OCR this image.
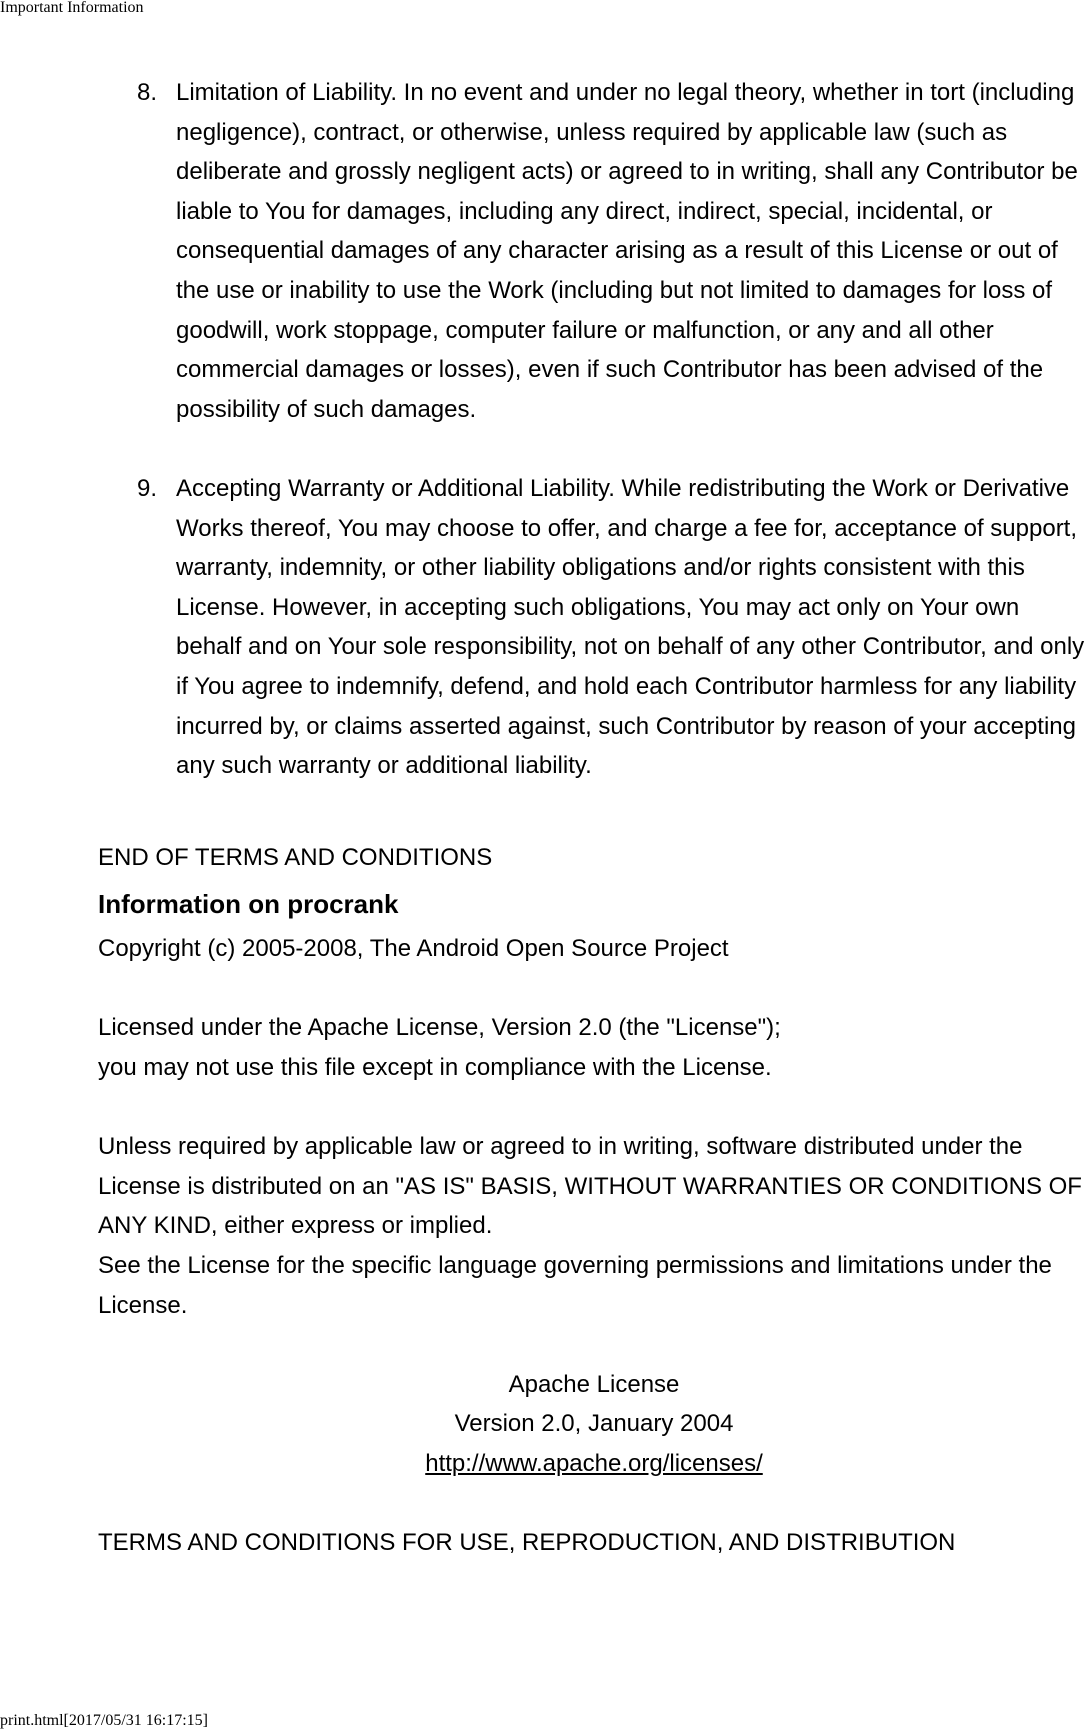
Important Information
8. Limitation of Liability. In no event and under no legal theory, whether in tort (including negligence), contract, or otherwise, unless required by applicable law (such as deliberate and grossly negligent acts) or agreed to in writing, shall any Contributor be liable to You for damages, including any direct, indirect, special, incidental, or consequential damages of any character arising as a result of this License or out of the use or inability to use the Work (including but not limited to damages for loss of goodwill, work stoppage, computer failure or malfunction, or any and all other commercial damages or losses), even if such Contributor has been advised of the possibility of such damages.
9. Accepting Warranty or Additional Liability. While redistributing the Work or Derivative Works thereof, You may choose to offer, and charge a fee for, acceptance of support, warranty, indemnity, or other liability obligations and/or rights consistent with this License. However, in accepting such obligations, You may act only on Your own behalf and on Your sole responsibility, not on behalf of any other Contributor, and only if You agree to indemnify, defend, and hold each Contributor harmless for any liability incurred by, or claims asserted against, such Contributor by reason of your accepting any such warranty or additional liability.

END OF TERMS AND CONDITIONS

Information on procrank

Copyright (c) 2005-2008, The Android Open Source Project

Licensed under the Apache License, Version 2.0 (the "License");

you may not use this file except in compliance with the License.

Unless required by applicable law or agreed to in writing, software distributed under the License is distributed on an "AS IS" BASIS, WITHOUT WARRANTIES OR CONDITIONS OF ANY KIND, either express or implied.

See the License for the specific language governing permissions and limitations under the License.

Apache License

Version 2.0, January 2004

http://www.apache.org/licenses/

TERMS AND CONDITIONS FOR USE, REPRODUCTION, AND DISTRIBUTION

print.html[2017/05/31 16:17:15]
